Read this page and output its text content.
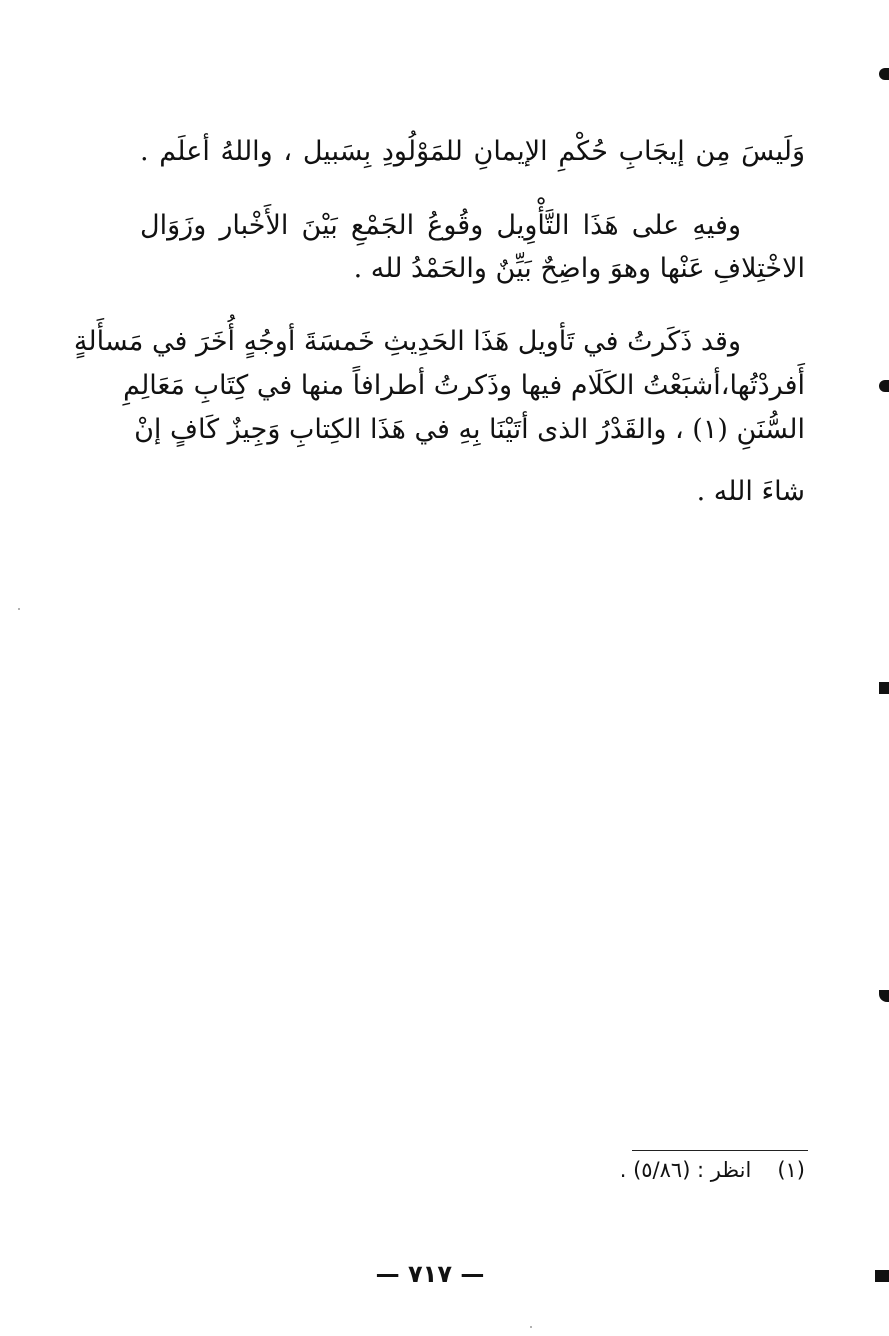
وَلَيسَ مِن إيجَابِ حُكْمِ الإيمانِ للمَوْلُودِ بِسَبيل ، واللهُ أعلَم .
وفيهِ على هَذَا التَّأْوِيل وقُوعُ الجَمْعِ بَيْنَ الأَخْبار وزَوَال
الاخْتِلافِ عَنْها وهوَ واضِحٌ بَيِّنٌ والحَمْدُ لله .
وقد ذَكَرتُ في تَأويل هَذَا الحَدِيثِ خَمسَةَ أوجُهٍ أُخَرَ في مَسأَلةٍ
أَفردْتُها،أشبَعْتُ الكَلَام فيها وذَكرتُ أطرافاً منها في كِتَابِ مَعَالِمِ
السُّنَنِ (١) ، والقَدْرُ الذى أتَيْنَا بِهِ في هَذَا الكِتابِ وَجِيزٌ كَافٍ إنْ
شاءَ الله .
(١)انظر : (٥/٨٦) .
— ٧١٧ —
